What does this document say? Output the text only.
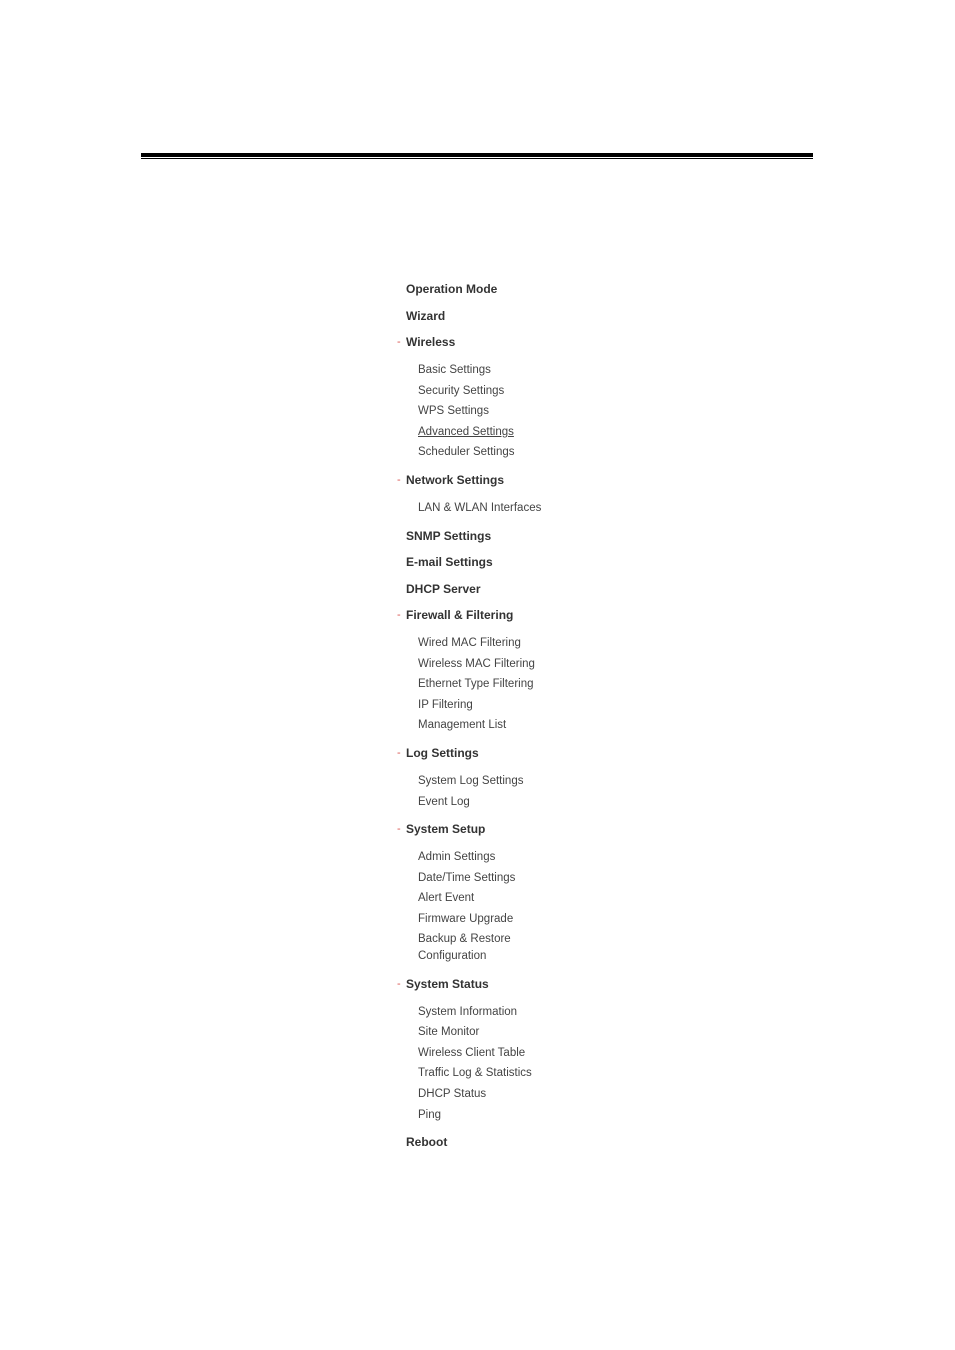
Operation Mode
Wizard
- Wireless
Basic Settings
Security Settings
WPS Settings
Advanced Settings
Scheduler Settings
- Network Settings
LAN & WLAN Interfaces
SNMP Settings
E-mail Settings
DHCP Server
- Firewall & Filtering
Wired MAC Filtering
Wireless MAC Filtering
Ethernet Type Filtering
IP Filtering
Management List
- Log Settings
System Log Settings
Event Log
- System Setup
Admin Settings
Date/Time Settings
Alert Event
Firmware Upgrade
Backup & Restore Configuration
- System Status
System Information
Site Monitor
Wireless Client Table
Traffic Log & Statistics
DHCP Status
Ping
Reboot
